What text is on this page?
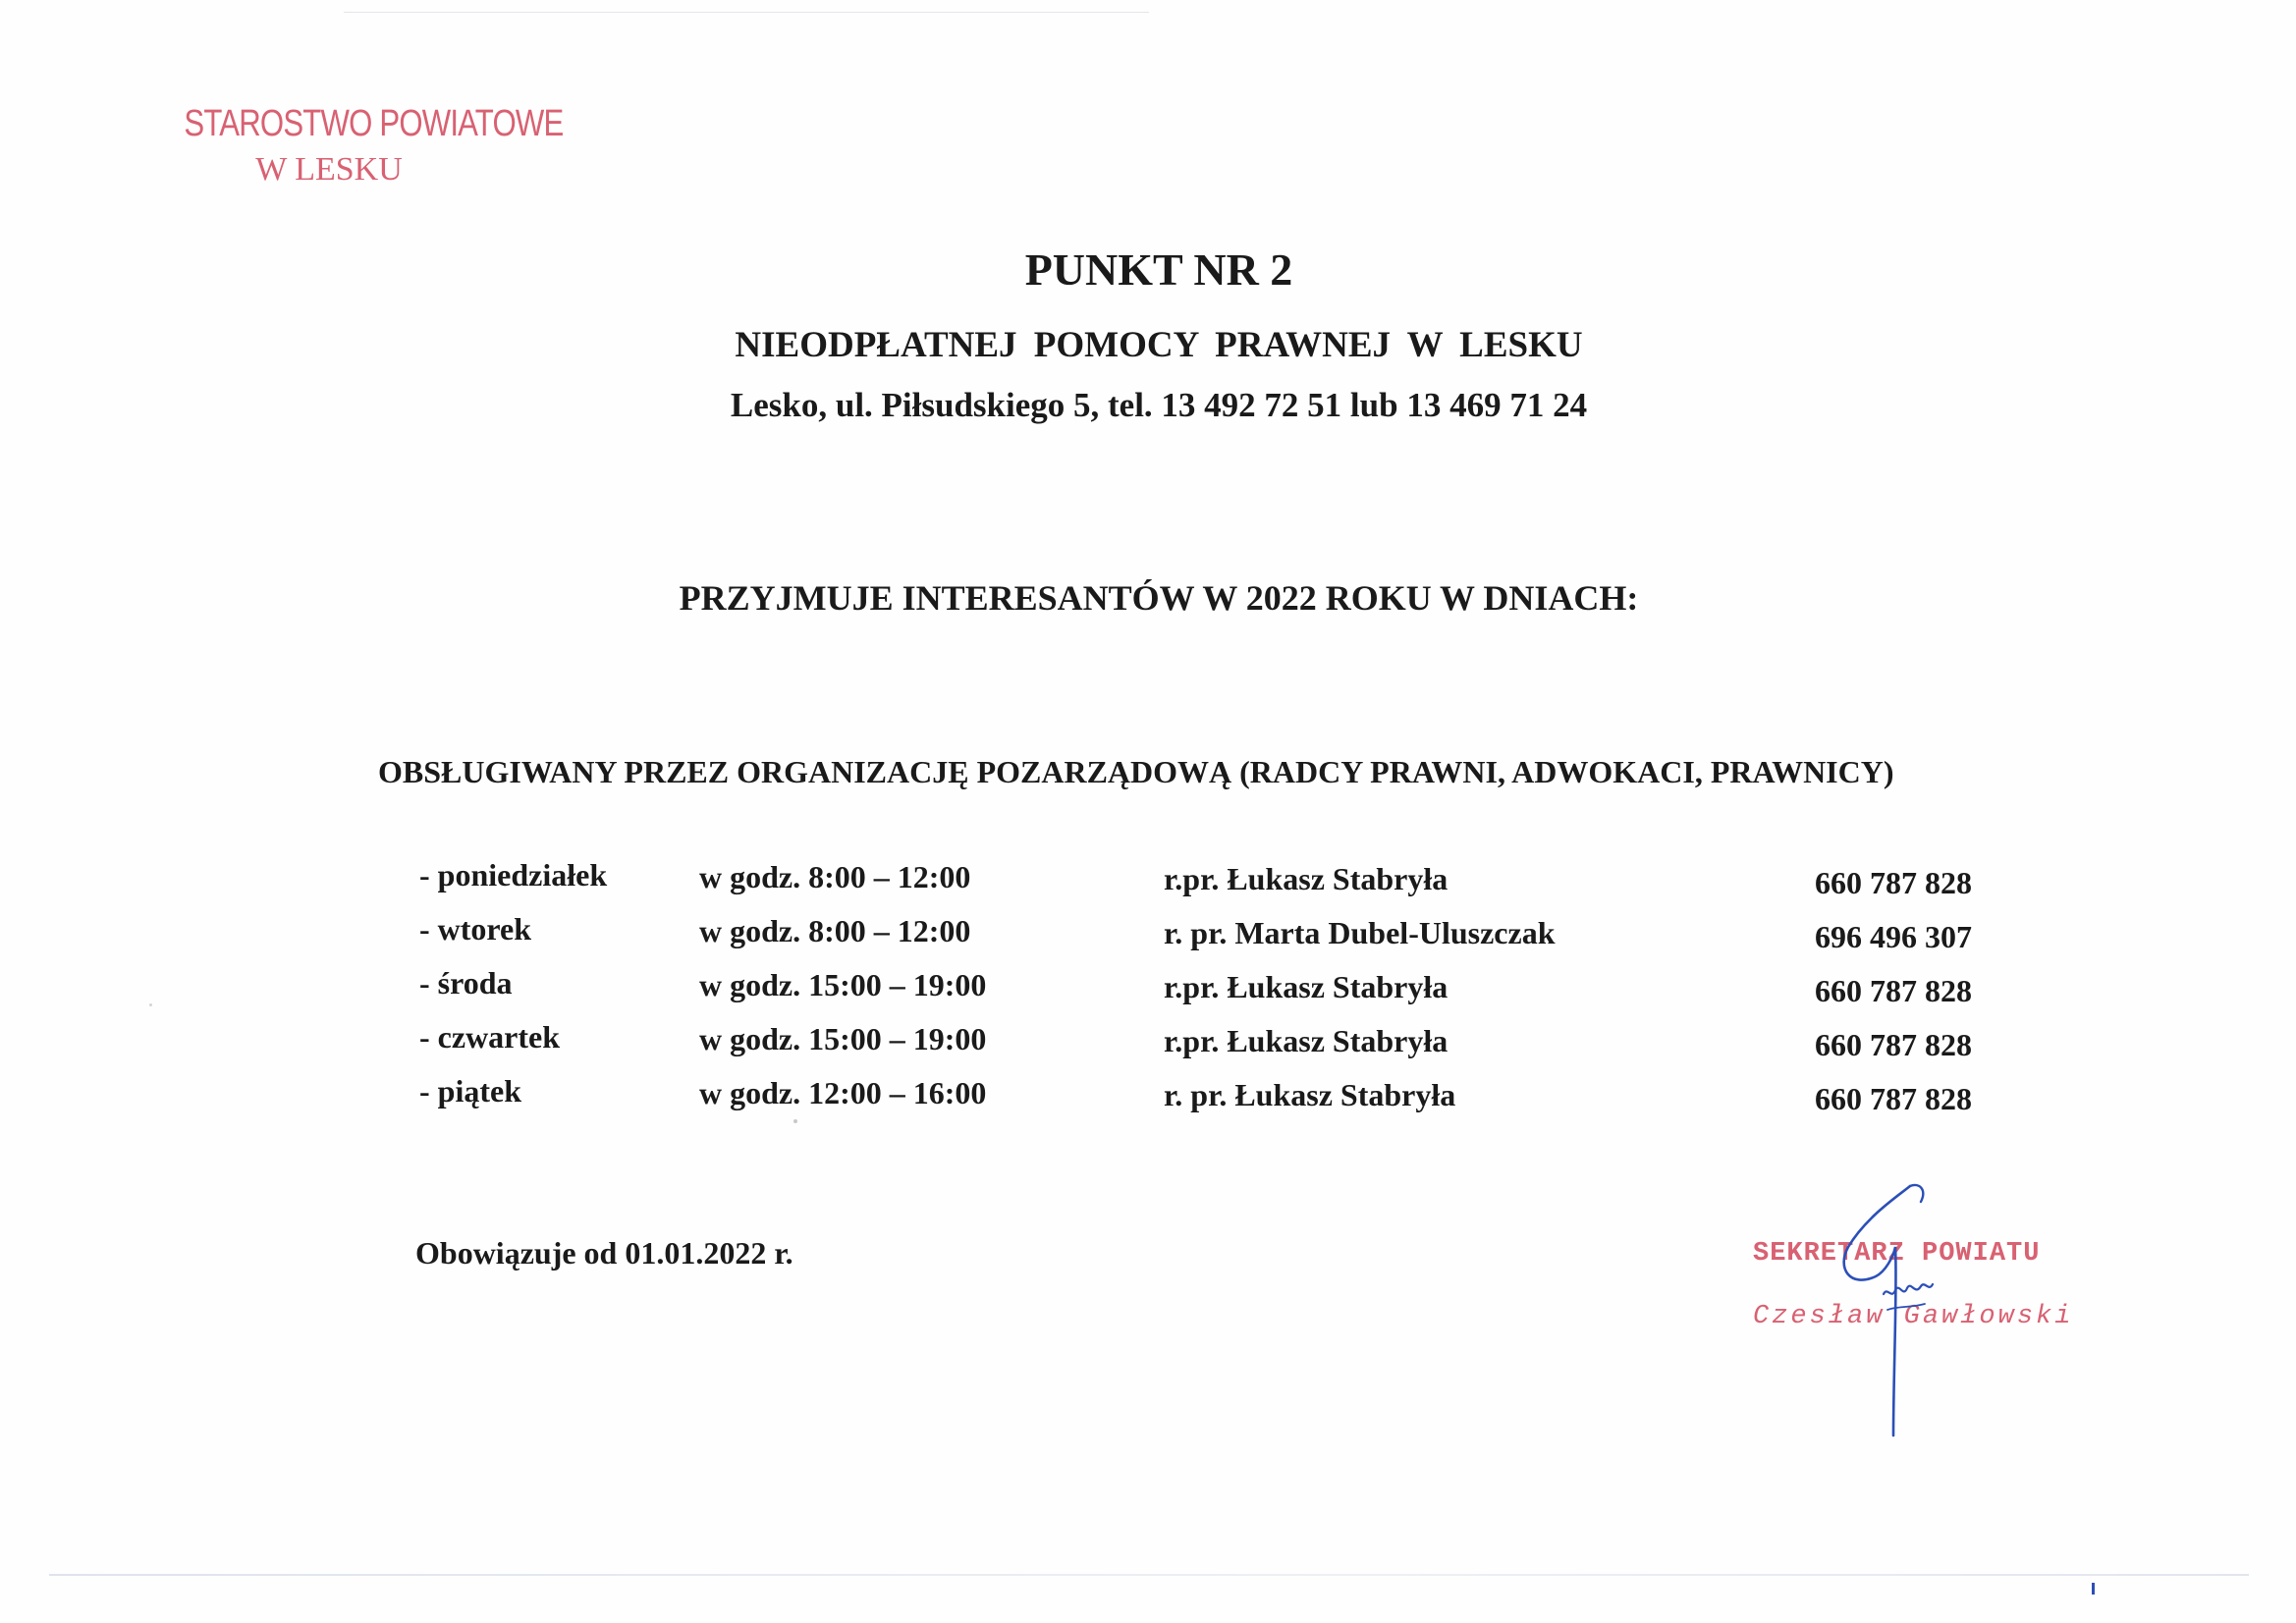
STAROSTWO POWIATOWE
W LESKU
PUNKT NR 2
NIEODPŁATNEJ POMOCY PRAWNEJ W LESKU
Lesko, ul. Piłsudskiego 5, tel. 13 492 72 51 lub 13 469 71 24
PRZYJMUJE INTERESANTÓW W 2022 ROKU W DNIACH:
OBSŁUGIWANY PRZEZ ORGANIZACJĘ POZARZĄDOWĄ (RADCY PRAWNI, ADWOKACI, PRAWNICY)
- poniedziałek	w godz. 8:00 – 12:00	r.pr. Łukasz Stabryła	660 787 828
- wtorek	w godz. 8:00 – 12:00	r. pr. Marta Dubel-Uluszczak	696 496 307
- środa	w godz. 15:00 – 19:00	r.pr. Łukasz Stabryła	660 787 828
- czwartek	w godz. 15:00 – 19:00	r.pr. Łukasz Stabryła	660 787 828
- piątek	w godz. 12:00 – 16:00	r. pr. Łukasz Stabryła	660 787 828
Obowiązuje od 01.01.2022 r.	SEKRETARZ POWIATU
Czesław Gawłowski
